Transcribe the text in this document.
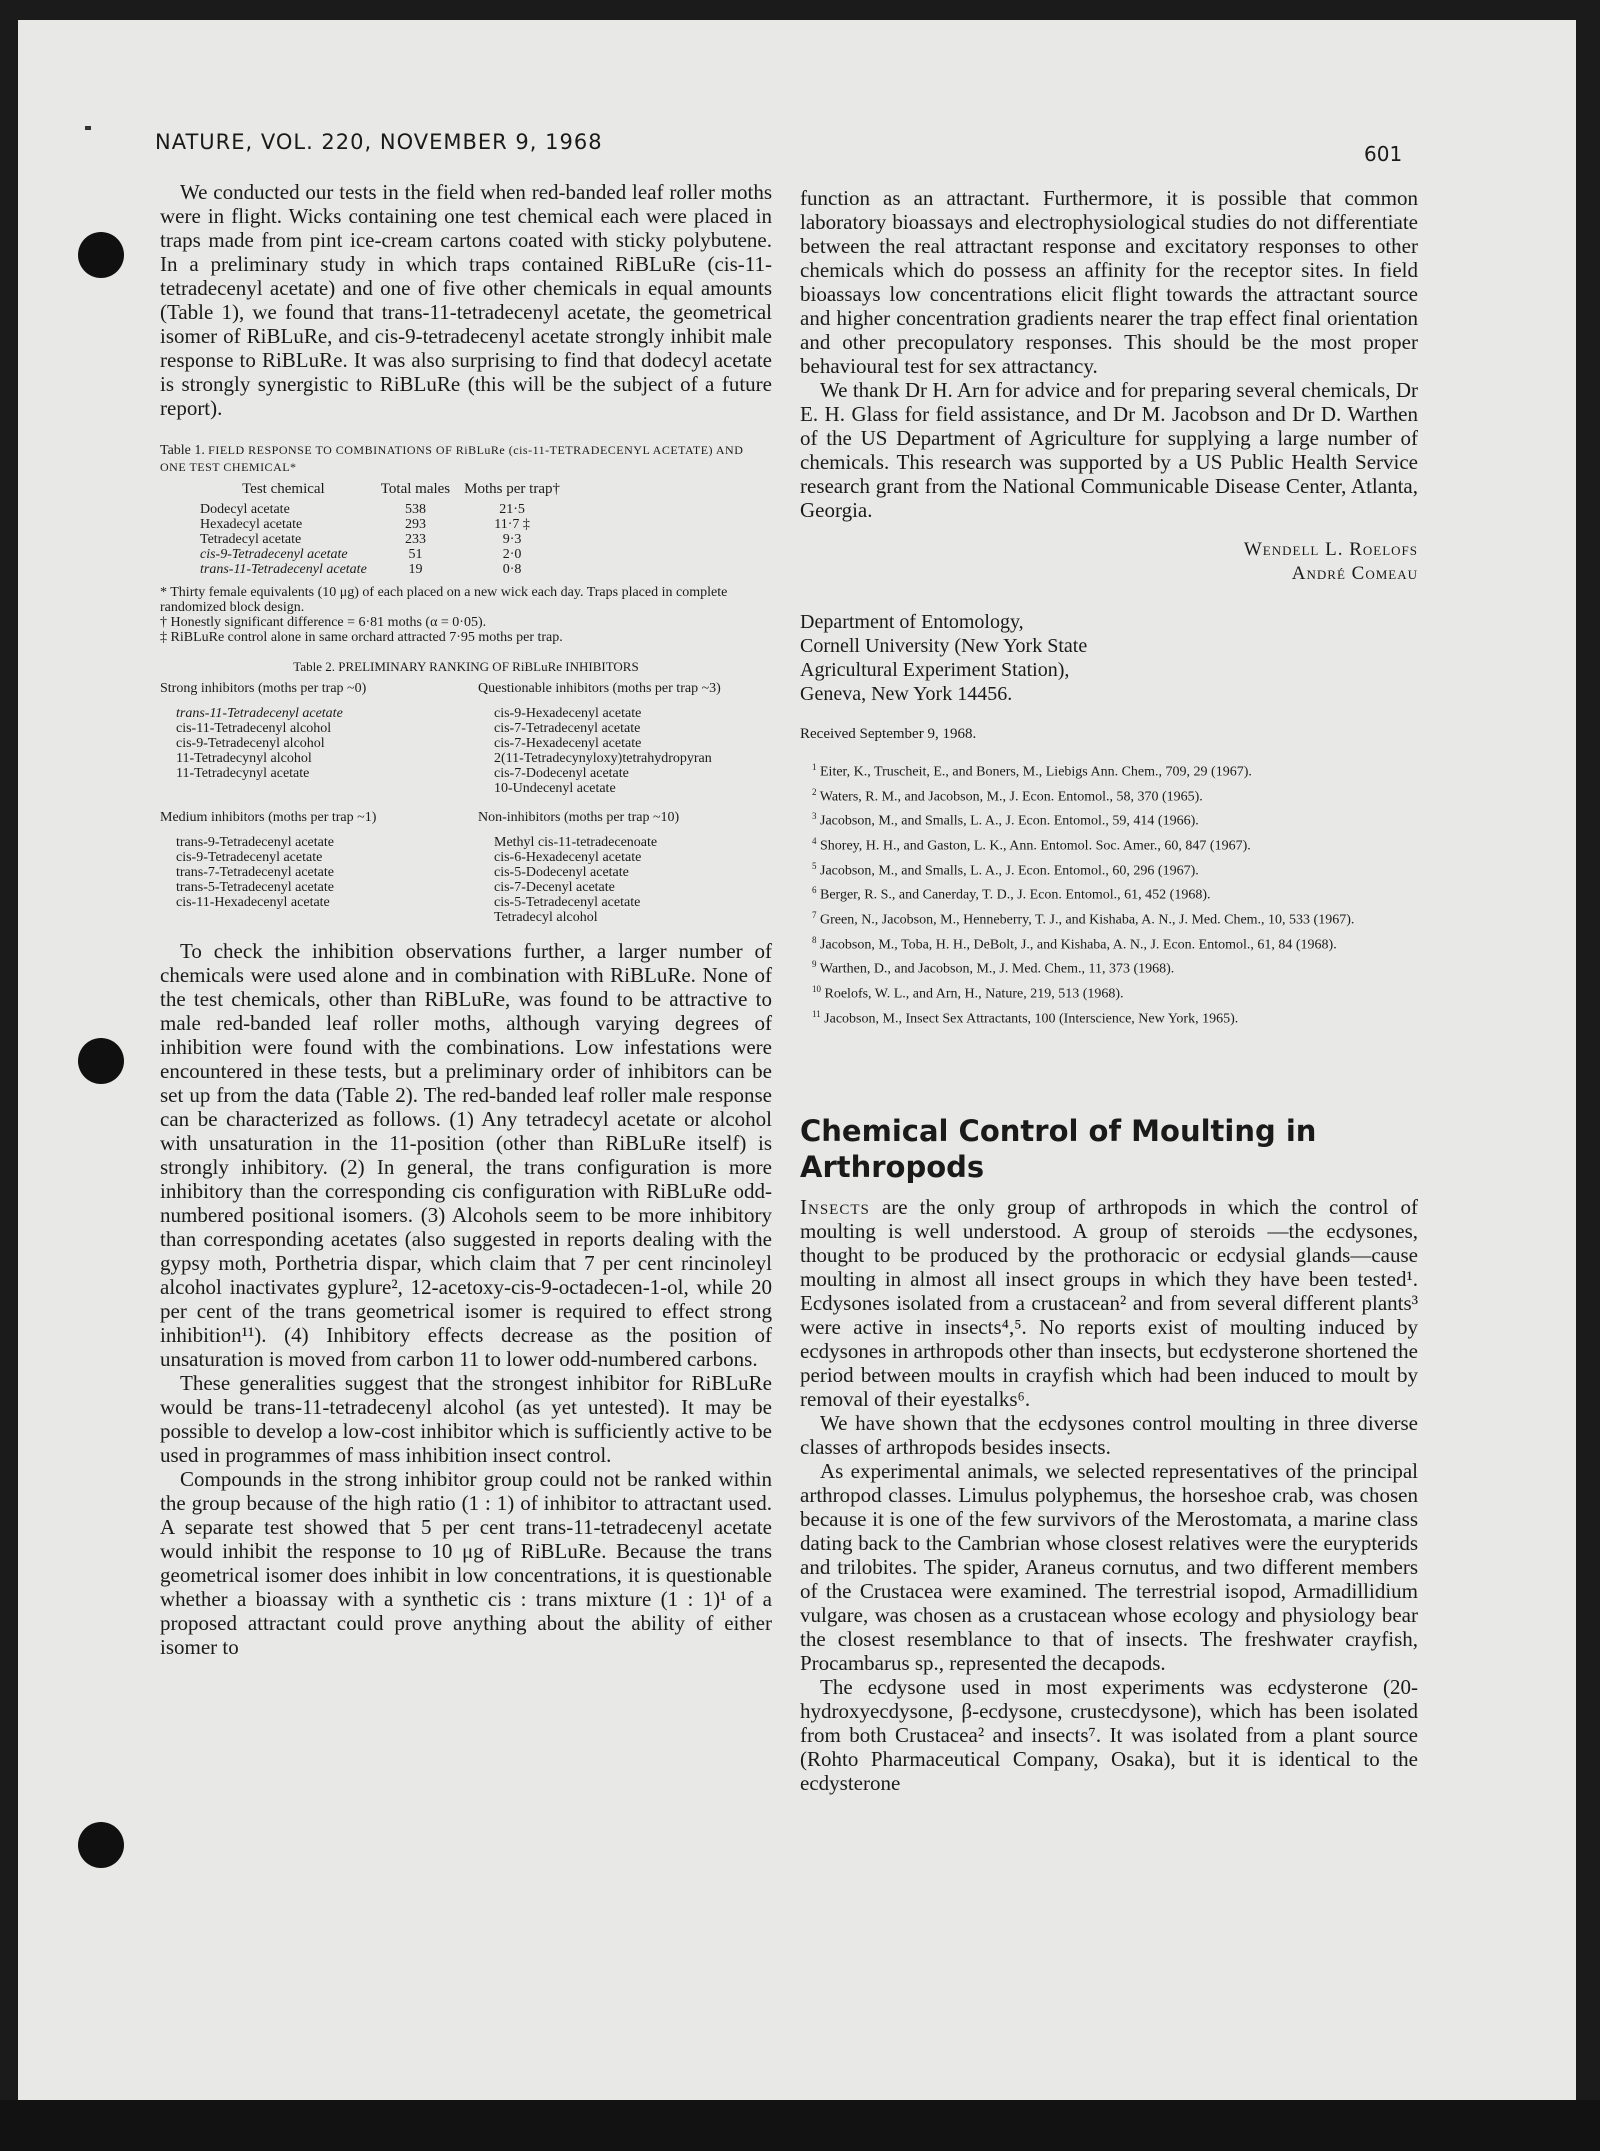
NATURE, VOL. 220, NOVEMBER 9, 1968	601

We conducted our tests in the field when red-banded leaf roller moths were in flight. Wicks containing one test chemical each were placed in traps made from pint ice-cream cartons coated with sticky polybutene. In a preliminary study in which traps contained RiBLuRe (cis-11-tetradecenyl acetate) and one of five other chemicals in equal amounts (Table 1), we found that trans-11-tetradecenyl acetate, the geometrical isomer of RiBLuRe, and cis-9-tetradecenyl acetate strongly inhibit male response to RiBLuRe. It was also surprising to find that dodecyl acetate is strongly synergistic to RiBLuRe (this will be the subject of a future report).

Table 1. FIELD RESPONSE TO COMBINATIONS OF RiBLuRe (cis-11-TETRADECENYL ACETATE) AND ONE TEST CHEMICAL*
Test chemical	Total males	Moths per trap†
Dodecyl acetate	538	21·5
Hexadecyl acetate	293	11·7 ‡
Tetradecyl acetate	233	9·3
cis-9-Tetradecenyl acetate	51	2·0
trans-11-Tetradecenyl acetate	19	0·8
* Thirty female equivalents (10 μg) of each placed on a new wick each day. Traps placed in complete randomized block design.
† Honestly significant difference = 6·81 moths (α = 0·05).
‡ RiBLuRe control alone in same orchard attracted 7·95 moths per trap.
Table 2. PRELIMINARY RANKING OF RiBLuRe INHIBITORS
Strong inhibitors (moths per trap ~0)
trans-11-Tetradecenyl acetate
cis-11-Tetradecenyl alcohol
cis-9-Tetradecenyl alcohol
11-Tetradecynyl alcohol
11-Tetradecynyl acetate
Questionable inhibitors (moths per trap ~3)
cis-9-Hexadecenyl acetate
cis-7-Tetradecenyl acetate
cis-7-Hexadecenyl acetate
2(11-Tetradecynyloxy)tetrahydropyran
cis-7-Dodecenyl acetate
10-Undecenyl acetate
Medium inhibitors (moths per trap ~1)
trans-9-Tetradecenyl acetate
cis-9-Tetradecenyl acetate
trans-7-Tetradecenyl acetate
trans-5-Tetradecenyl acetate
cis-11-Hexadecenyl acetate
Non-inhibitors (moths per trap ~10)
Methyl cis-11-tetradecenoate
cis-6-Hexadecenyl acetate
cis-5-Dodecenyl acetate
cis-7-Decenyl acetate
cis-5-Tetradecenyl acetate
Tetradecyl alcohol

To check the inhibition observations further, a larger number of chemicals were used alone and in combination with RiBLuRe. None of the test chemicals, other than RiBLuRe, was found to be attractive to male red-banded leaf roller moths, although varying degrees of inhibition were found with the combinations. Low infestations were encountered in these tests, but a preliminary order of inhibitors can be set up from the data (Table 2). The red-banded leaf roller male response can be characterized as follows. (1) Any tetradecyl acetate or alcohol with unsaturation in the 11-position (other than RiBLuRe itself) is strongly inhibitory. (2) In general, the trans configuration is more inhibitory than the corresponding cis configuration with RiBLuRe odd-numbered positional isomers. (3) Alcohols seem to be more inhibitory than corresponding acetates (also suggested in reports dealing with the gypsy moth, Porthetria dispar, which claim that 7 per cent rincinoleyl alcohol inactivates gyplure², 12-acetoxy-cis-9-octadecen-1-ol, while 20 per cent of the trans geometrical isomer is required to effect strong inhibition¹¹). (4) Inhibitory effects decrease as the position of unsaturation is moved from carbon 11 to lower odd-numbered carbons.

These generalities suggest that the strongest inhibitor for RiBLuRe would be trans-11-tetradecenyl alcohol (as yet untested). It may be possible to develop a low-cost inhibitor which is sufficiently active to be used in programmes of mass inhibition insect control.

Compounds in the strong inhibitor group could not be ranked within the group because of the high ratio (1 : 1) of inhibitor to attractant used. A separate test showed that 5 per cent trans-11-tetradecenyl acetate would inhibit the response to 10 μg of RiBLuRe. Because the trans geometrical isomer does inhibit in low concentrations, it is questionable whether a bioassay with a synthetic cis : trans mixture (1 : 1)¹ of a proposed attractant could prove anything about the ability of either isomer to

function as an attractant. Furthermore, it is possible that common laboratory bioassays and electrophysiological studies do not differentiate between the real attractant response and excitatory responses to other chemicals which do possess an affinity for the receptor sites. In field bioassays low concentrations elicit flight towards the attractant source and higher concentration gradients nearer the trap effect final orientation and other precopulatory responses. This should be the most proper behavioural test for sex attractancy.

We thank Dr H. Arn for advice and for preparing several chemicals, Dr E. H. Glass for field assistance, and Dr M. Jacobson and Dr D. Warthen of the US Department of Agriculture for supplying a large number of chemicals. This research was supported by a US Public Health Service research grant from the National Communicable Disease Center, Atlanta, Georgia.

Wendell L. Roelofs
André Comeau
Department of Entomology,
Cornell University (New York State
Agricultural Experiment Station),
Geneva, New York 14456.
Received September 9, 1968.
$^1$ Eiter, K., Truscheit, E., and Boners, M., Liebigs Ann. Chem., 709, 29 (1967).
$^2$ Waters, R. M., and Jacobson, M., J. Econ. Entomol., 58, 370 (1965).
$^3$ Jacobson, M., and Smalls, L. A., J. Econ. Entomol., 59, 414 (1966).
$^4$ Shorey, H. H., and Gaston, L. K., Ann. Entomol. Soc. Amer., 60, 847 (1967).
$^5$ Jacobson, M., and Smalls, L. A., J. Econ. Entomol., 60, 296 (1967).
$^6$ Berger, R. S., and Canerday, T. D., J. Econ. Entomol., 61, 452 (1968).
$^7$ Green, N., Jacobson, M., Henneberry, T. J., and Kishaba, A. N., J. Med. Chem., 10, 533 (1967).
$^8$ Jacobson, M., Toba, H. H., DeBolt, J., and Kishaba, A. N., J. Econ. Entomol., 61, 84 (1968).
$^9$ Warthen, D., and Jacobson, M., J. Med. Chem., 11, 373 (1968).
$^{10}$ Roelofs, W. L., and Arn, H., Nature, 219, 513 (1968).
$^{11}$ Jacobson, M., Insect Sex Attractants, 100 (Interscience, New York, 1965).
Chemical Control of Moulting in Arthropods

Insects are the only group of arthropods in which the control of moulting is well understood. A group of steroids —the ecdysones, thought to be produced by the prothoracic or ecdysial glands—cause moulting in almost all insect groups in which they have been tested¹. Ecdysones isolated from a crustacean² and from several different plants³ were active in insects⁴,⁵. No reports exist of moulting induced by ecdysones in arthropods other than insects, but ecdysterone shortened the period between moults in crayfish which had been induced to moult by removal of their eyestalks⁶.

We have shown that the ecdysones control moulting in three diverse classes of arthropods besides insects.

As experimental animals, we selected representatives of the principal arthropod classes. Limulus polyphemus, the horseshoe crab, was chosen because it is one of the few survivors of the Merostomata, a marine class dating back to the Cambrian whose closest relatives were the eurypterids and trilobites. The spider, Araneus cornutus, and two different members of the Crustacea were examined. The terrestrial isopod, Armadillidium vulgare, was chosen as a crustacean whose ecology and physiology bear the closest resemblance to that of insects. The freshwater crayfish, Procambarus sp., represented the decapods.

The ecdysone used in most experiments was ecdysterone (20-hydroxyecdysone, β-ecdysone, crustecdysone), which has been isolated from both Crustacea² and insects⁷. It was isolated from a plant source (Rohto Pharmaceutical Company, Osaka), but it is identical to the ecdysterone
